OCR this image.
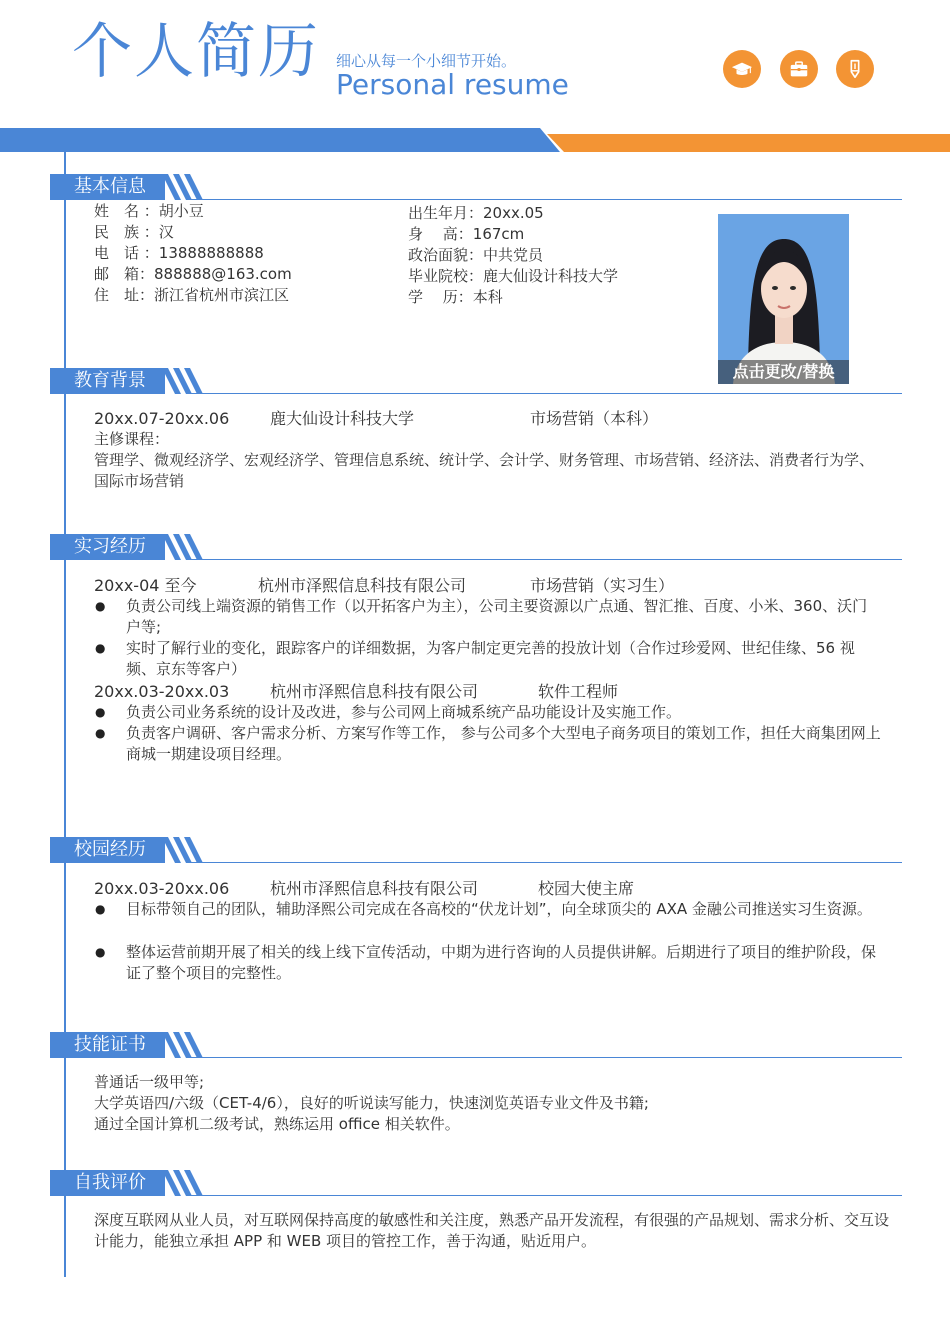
个人简历 细心从每一个小细节开始。
Personal resume
基本信息
姓　名 ：胡小豆
民　族 ：汉
电　话 ：13888888888
邮　箱：888888@163.com
住　址：浙江省杭州市滨江区
出生年月：20xx.05
身　 高：167cm
政治面貌：中共党员
毕业院校：鹿大仙设计科技大学
学　 历：本科
点击更改/替换
教育背景
20xx.07-20xx.06	鹿大仙设计科技大学	市场营销（本科）
主修课程：
管理学、微观经济学、宏观经济学、管理信息系统、统计学、会计学、财务管理、市场营销、经济法、消费者行为学、国际市场营销
实习经历
20xx-04 至今	杭州市泽熙信息科技有限公司	市场营销（实习生）
● 负责公司线上端资源的销售工作（以开拓客户为主），公司主要资源以广点通、智汇推、百度、小米、360、沃门户等;
● 实时了解行业的变化，跟踪客户的详细数据，为客户制定更完善的投放计划（合作过珍爱网、世纪佳缘、56 视频、京东等客户）
20xx.03-20xx.03	杭州市泽熙信息科技有限公司	软件工程师
● 负责公司业务系统的设计及改进，参与公司网上商城系统产品功能设计及实施工作。
● 负责客户调研、客户需求分析、方案写作等工作， 参与公司多个大型电子商务项目的策划工作，担任大商集团网上商城一期建设项目经理。
校园经历
20xx.03-20xx.06	杭州市泽熙信息科技有限公司	校园大使主席
● 目标带领自己的团队，辅助泽熙公司完成在各高校的“伏龙计划”，向全球顶尖的 AXA 金融公司推送实习生资源。
● 整体运营前期开展了相关的线上线下宣传活动，中期为进行咨询的人员提供讲解。后期进行了项目的维护阶段，保证了整个项目的完整性。
技能证书
普通话一级甲等;
大学英语四/六级（CET-4/6），良好的听说读写能力，快速浏览英语专业文件及书籍;
通过全国计算机二级考试，熟练运用 office 相关软件。
自我评价
深度互联网从业人员，对互联网保持高度的敏感性和关注度，熟悉产品开发流程，有很强的产品规划、需求分析、交互设计能力，能独立承担 APP 和 WEB 项目的管控工作，善于沟通，贴近用户。
